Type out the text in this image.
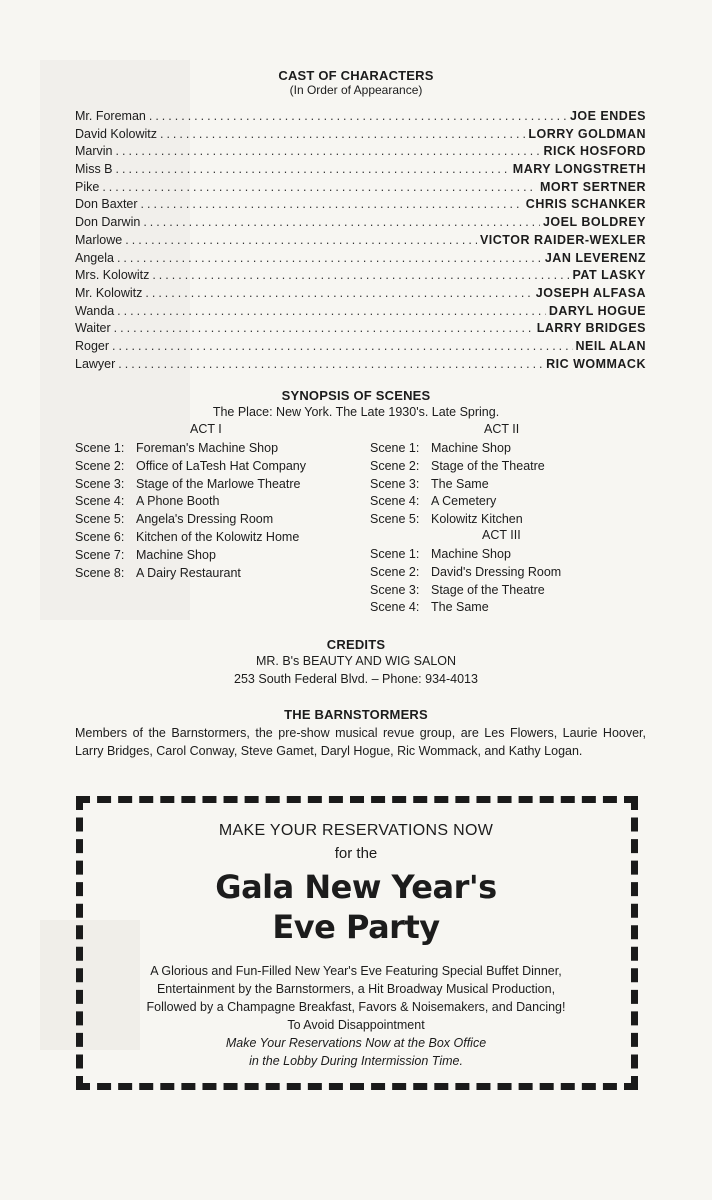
CAST OF CHARACTERS
(In Order of Appearance)
Mr. Foreman .....	JOE ENDES
David Kolowitz .....	LORRY GOLDMAN
Marvin .....	RICK HOSFORD
Miss B .....	MARY LONGSTRETH
Pike .....	MORT SERTNER
Don Baxter .....	CHRIS SCHANKER
Don Darwin .....	JOEL BOLDREY
Marlowe .....	VICTOR RAIDER-WEXLER
Angela .....	JAN LEVERENZ
Mrs. Kolowitz .....	PAT LASKY
Mr. Kolowitz .....	JOSEPH ALFASA
Wanda .....	DARYL HOGUE
Waiter .....	LARRY BRIDGES
Roger .....	NEIL ALAN
Lawyer .....	RIC WOMMACK
SYNOPSIS OF SCENES
The Place: New York. The Late 1930's. Late Spring.
ACT I
Scene 1: Foreman's Machine Shop
Scene 2: Office of LaTesh Hat Company
Scene 3: Stage of the Marlowe Theatre
Scene 4: A Phone Booth
Scene 5: Angela's Dressing Room
Scene 6: Kitchen of the Kolowitz Home
Scene 7: Machine Shop
Scene 8: A Dairy Restaurant
ACT II
Scene 1: Machine Shop
Scene 2: Stage of the Theatre
Scene 3: The Same
Scene 4: A Cemetery
Scene 5: Kolowitz Kitchen
ACT III
Scene 1: Machine Shop
Scene 2: David's Dressing Room
Scene 3: Stage of the Theatre
Scene 4: The Same
CREDITS
MR. B's BEAUTY AND WIG SALON
253 South Federal Blvd. – Phone: 934-4013
THE BARNSTORMERS
Members of the Barnstormers, the pre-show musical revue group, are Les Flowers, Laurie Hoover, Larry Bridges, Carol Conway, Steve Gamet, Daryl Hogue, Ric Wommack, and Kathy Logan.
MAKE YOUR RESERVATIONS NOW
for the
Gala New Year's
Eve Party
A Glorious and Fun-Filled New Year's Eve Featuring Special Buffet Dinner,
Entertainment by the Barnstormers, a Hit Broadway Musical Production,
Followed by a Champagne Breakfast, Favors & Noisemakers, and Dancing!
To Avoid Disappointment
Make Your Reservations Now at the Box Office
in the Lobby During Intermission Time.
